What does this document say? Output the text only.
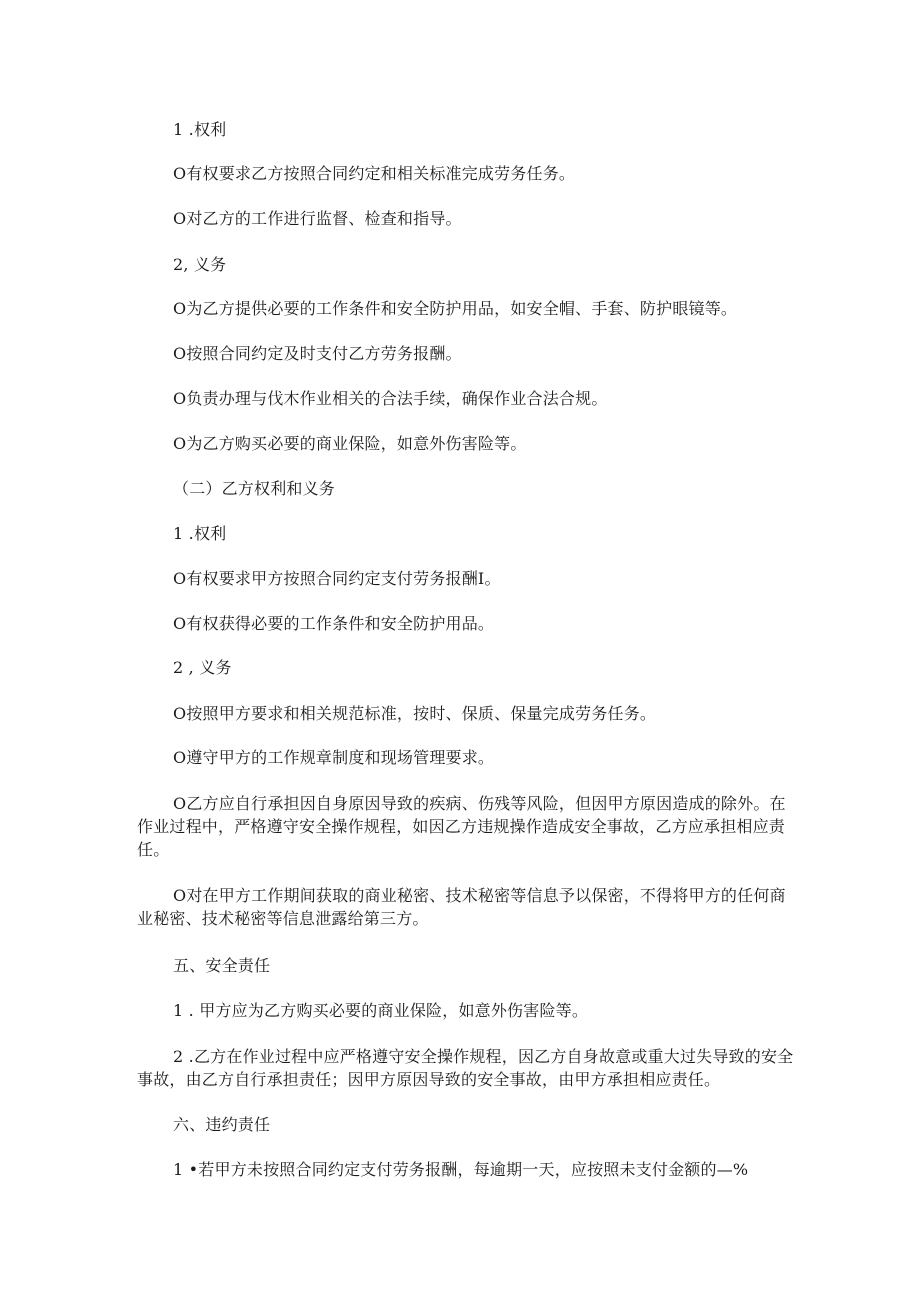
1 .权利

O有权要求乙方按照合同约定和相关标准完成劳务任务。

O对乙方的工作进行监督、检查和指导。

2, 义务

O为乙方提供必要的工作条件和安全防护用品，如安全帽、手套、防护眼镜等。

O按照合同约定及时支付乙方劳务报酬。

O负责办理与伐木作业相关的合法手续，确保作业合法合规。

O为乙方购买必要的商业保险，如意外伤害险等。

（二）乙方权利和义务

1 .权利

O有权要求甲方按照合同约定支付劳务报酬I。

O有权获得必要的工作条件和安全防护用品。

2 , 义务

O按照甲方要求和相关规范标准，按时、保质、保量完成劳务任务。

O遵守甲方的工作规章制度和现场管理要求。

O乙方应自行承担因自身原因导致的疾病、伤残等风险，但因甲方原因造成的除外。在作业过程中，严格遵守安全操作规程，如因乙方违规操作造成安全事故，乙方应承担相应责任。

O对在甲方工作期间获取的商业秘密、技术秘密等信息予以保密，不得将甲方的任何商业秘密、技术秘密等信息泄露给第三方。

五、安全责任

1 . 甲方应为乙方购买必要的商业保险，如意外伤害险等。

2 .乙方在作业过程中应严格遵守安全操作规程，因乙方自身故意或重大过失导致的安全事故，由乙方自行承担责任；因甲方原因导致的安全事故，由甲方承担相应责任。

六、违约责任

1 •若甲方未按照合同约定支付劳务报酬，每逾期一天，应按照未支付金额的—%
